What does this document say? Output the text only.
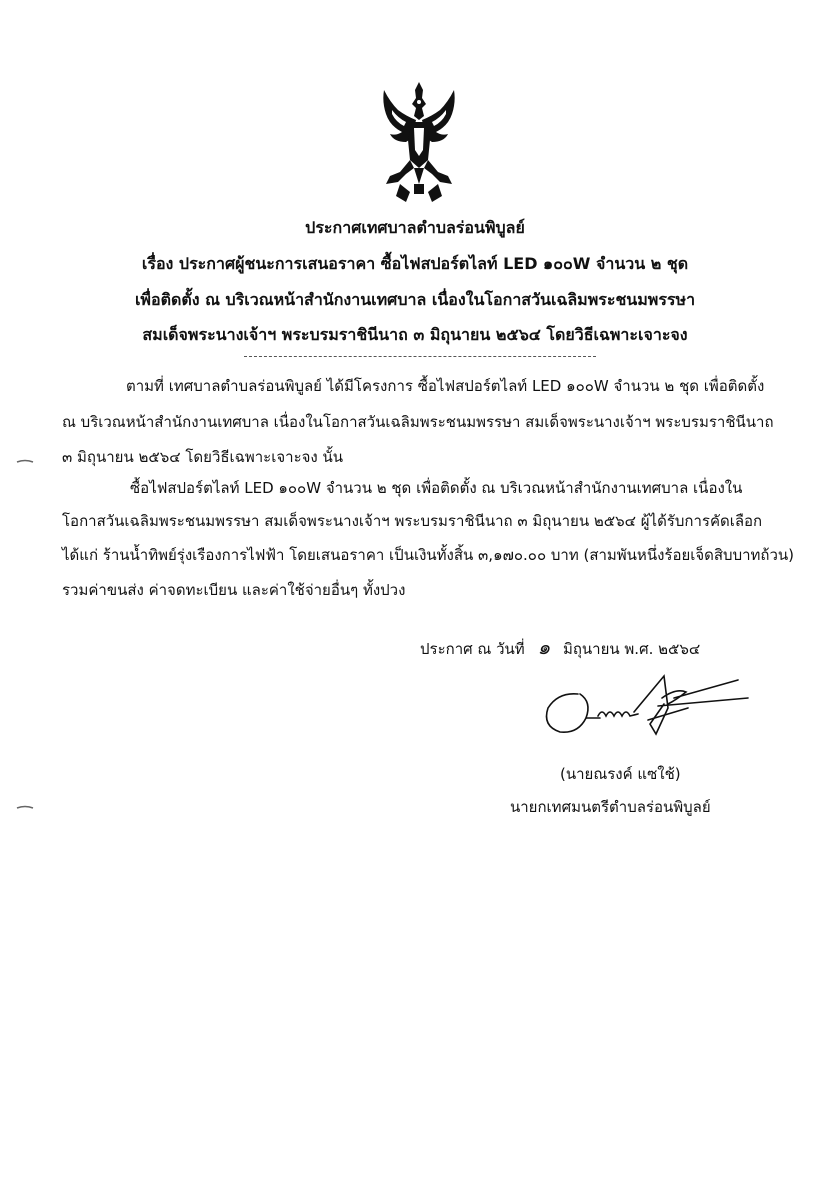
ประกาศเทศบาลตำบลร่อนพิบูลย์
เรื่อง ประกาศผู้ชนะการเสนอราคา ซื้อไฟสปอร์ตไลท์ LED ๑๐๐W จำนวน ๒ ชุด
เพื่อติดตั้ง ณ บริเวณหน้าสำนักงานเทศบาล เนื่องในโอกาสวันเฉลิมพระชนมพรรษา
สมเด็จพระนางเจ้าฯ พระบรมราชินีนาถ ๓ มิถุนายน ๒๕๖๔ โดยวิธีเฉพาะเจาะจง
ตามที่ เทศบาลตำบลร่อนพิบูลย์ ได้มีโครงการ ซื้อไฟสปอร์ตไลท์ LED ๑๐๐W จำนวน ๒ ชุด เพื่อติดตั้ง
ณ บริเวณหน้าสำนักงานเทศบาล เนื่องในโอกาสวันเฉลิมพระชนมพรรษา สมเด็จพระนางเจ้าฯ พระบรมราชินีนาถ
๓ มิถุนายน ๒๕๖๔ โดยวิธีเฉพาะเจาะจง นั้น
ซื้อไฟสปอร์ตไลท์ LED ๑๐๐W จำนวน ๒ ชุด เพื่อติดตั้ง ณ บริเวณหน้าสำนักงานเทศบาล เนื่องใน
โอกาสวันเฉลิมพระชนมพรรษา สมเด็จพระนางเจ้าฯ พระบรมราชินีนาถ ๓ มิถุนายน ๒๕๖๔ ผู้ได้รับการคัดเลือก
ได้แก่ ร้านน้ำทิพย์รุ่งเรืองการไฟฟ้า โดยเสนอราคา เป็นเงินทั้งสิ้น ๓,๑๗๐.๐๐ บาท (สามพันหนึ่งร้อยเจ็ดสิบบาทถ้วน)
รวมค่าขนส่ง ค่าจดทะเบียน และค่าใช้จ่ายอื่นๆ ทั้งปวง
ประกาศ ณ วันที่ ๑ มิถุนายน พ.ศ. ๒๕๖๔
(นายณรงค์ แซใช้)
นายกเทศมนตรีตำบลร่อนพิบูลย์
